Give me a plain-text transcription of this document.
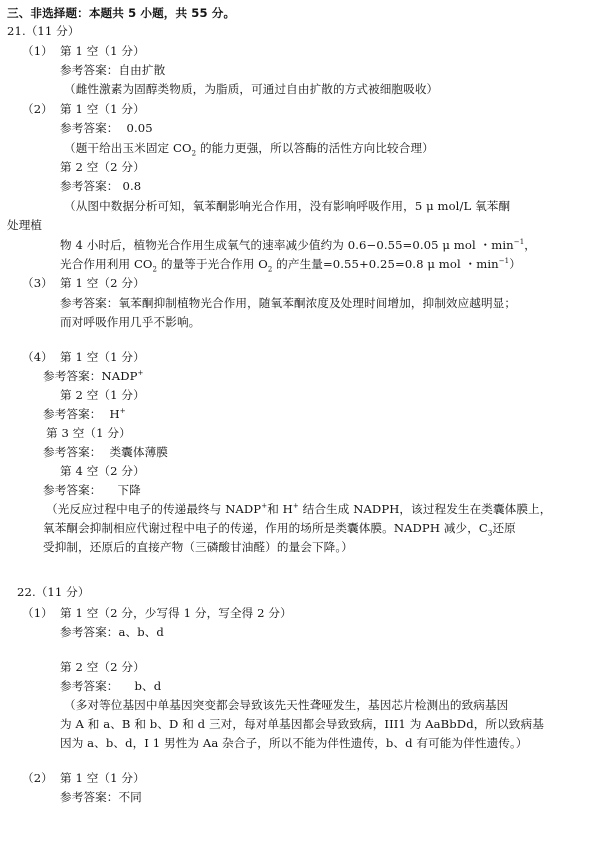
三、非选择题：本题共 5 小题，共 55 分。
21.（11 分）
（1） 第 1 空（1 分）
参考答案：自由扩散
（雌性激素为固醇类物质，为脂质，可通过自由扩散的方式被细胞吸收）
（2） 第 1 空（1 分）
参考答案： 0.05
（题干给出玉米固定 $CO_2$ 的能力更强，所以答酶的活性方向比较合理）
第 2 空（2 分）
参考答案： 0.8
（从图中数据分析可知，氧苯酮影响光合作用，没有影响呼吸作用，5 μ mol/L 氧苯酮
处理植
物 4 小时后，植物光合作用生成氧气的速率减少值约为 0.6−0.55=0.05 μ mol ・$\min^{-1}$，
光合作用利用 $CO_2$ 的量等于光合作用 $O_2$ 的产生量=0.55+0.25=0.8 μ mol ・$\min^{-1}$）
（3） 第 1 空（2 分）
参考答案：氧苯酮抑制植物光合作用，随氧苯酮浓度及处理时间增加，抑制效应越明显；
而对呼吸作用几乎不影响。
（4） 第 1 空（1 分）
参考答案：NADP+
第 2 空（1 分）
参考答案： H+
第 3 空（1 分）
参考答案： 类囊体薄膜
第 4 空（2 分）
参考答案： 下降
（光反应过程中电子的传递最终与 NADP+和 H+ 结合生成 NADPH，该过程发生在类囊体膜上，
氧苯酮会抑制相应代谢过程中电子的传递，作用的场所是类囊体膜。NADPH 减少，$C_3$还原
受抑制，还原后的直接产物（三磷酸甘油醛）的量会下降。）
22.（11 分）
（1） 第 1 空（2 分，少写得 1 分，写全得 2 分）
参考答案：a、b、d
第 2 空（2 分）
参考答案： b、d
（多对等位基因中单基因突变都会导致该先天性聋哑发生，基因芯片检测出的致病基因
为 A 和 a、B 和 b、D 和 d 三对，每对单基因都会导致致病，III1 为 AaBbDd，所以致病基
因为 a、b、d，I 1 男性为 Aa 杂合子，所以不能为伴性遗传，b、d 有可能为伴性遗传。）
（2） 第 1 空（1 分）
参考答案：不同
